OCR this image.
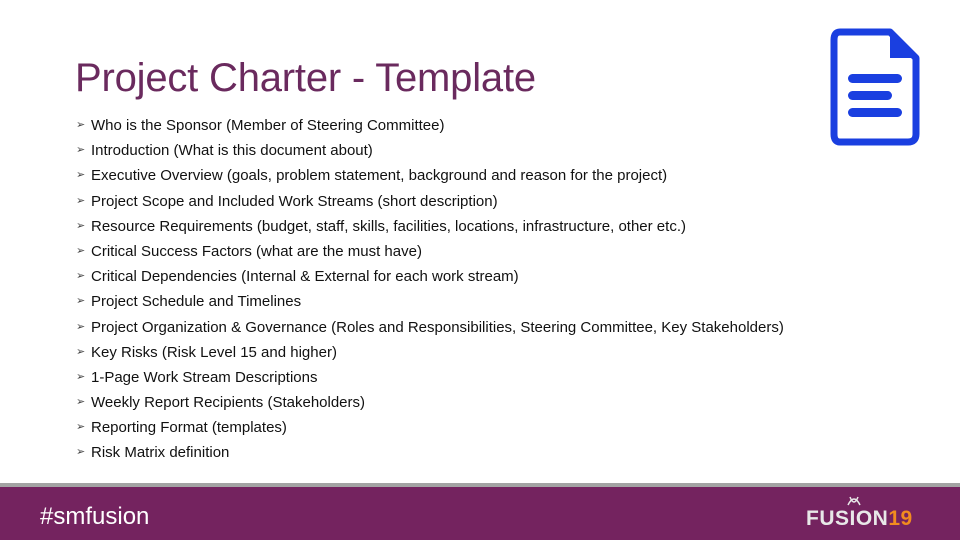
Project Charter - Template
➢ Who is the Sponsor (Member of Steering Committee)
➢ Introduction (What is this document about)
➢ Executive Overview (goals, problem statement, background and reason for the project)
➢ Project Scope and Included Work Streams (short description)
➢ Resource Requirements (budget, staff, skills, facilities, locations, infrastructure, other etc.)
➢ Critical Success Factors (what are the must have)
➢ Critical Dependencies (Internal & External for each work stream)
➢ Project Schedule and Timelines
➢ Project Organization & Governance (Roles and Responsibilities, Steering Committee, Key Stakeholders)
➢ Key Risks (Risk Level 15 and higher)
➢ 1-Page Work Stream Descriptions
➢ Weekly Report Recipients (Stakeholders)
➢ Reporting Format (templates)
➢ Risk Matrix definition
#smfusion	FUSION19
